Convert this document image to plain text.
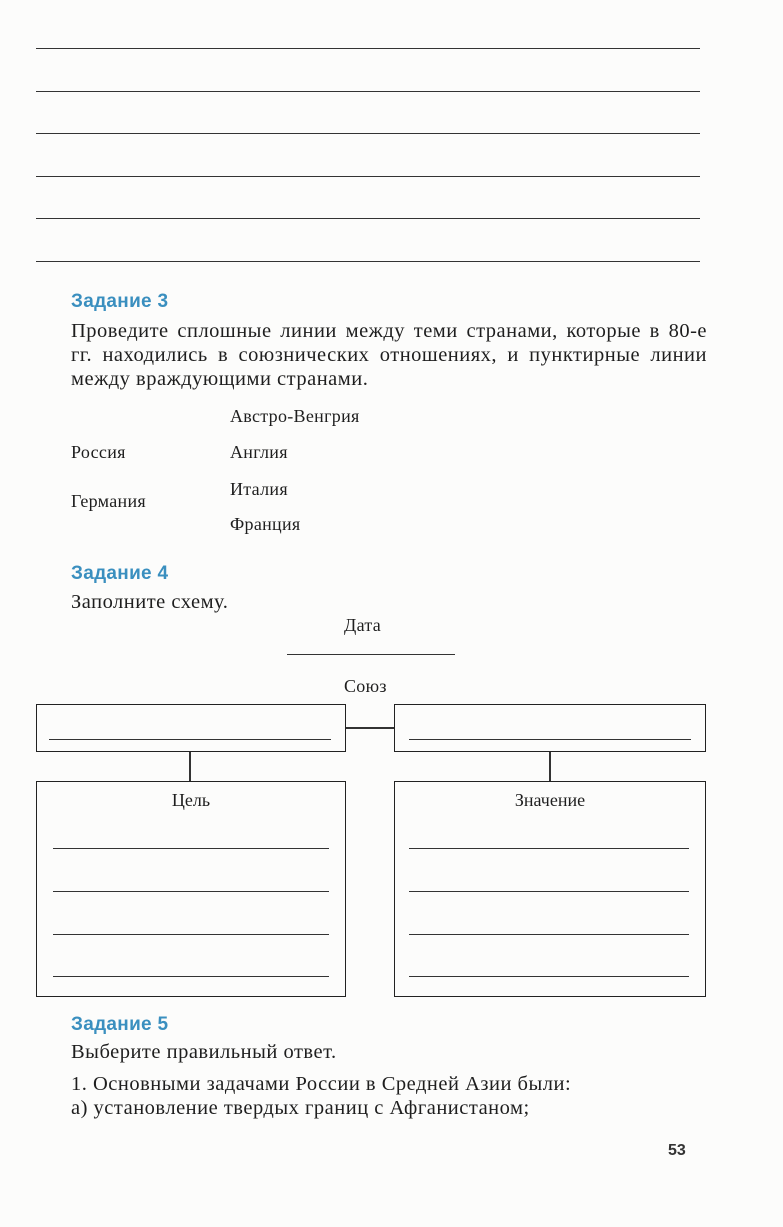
Задание 3
Проведите сплошные линии между теми странами, которые в 80-е гг. находились в союзнических отношениях, и пунктирные линии между враждующими странами.
Россия
Германия
Австро-Венгрия
Англия
Италия
Франция
Задание 4
Заполните схему.
Дата
Союз
Цель	Значение
Задание 5
Выберите правильный ответ.
1. Основными задачами России в Средней Азии были:
а) установление твердых границ с Афганистаном;
53
